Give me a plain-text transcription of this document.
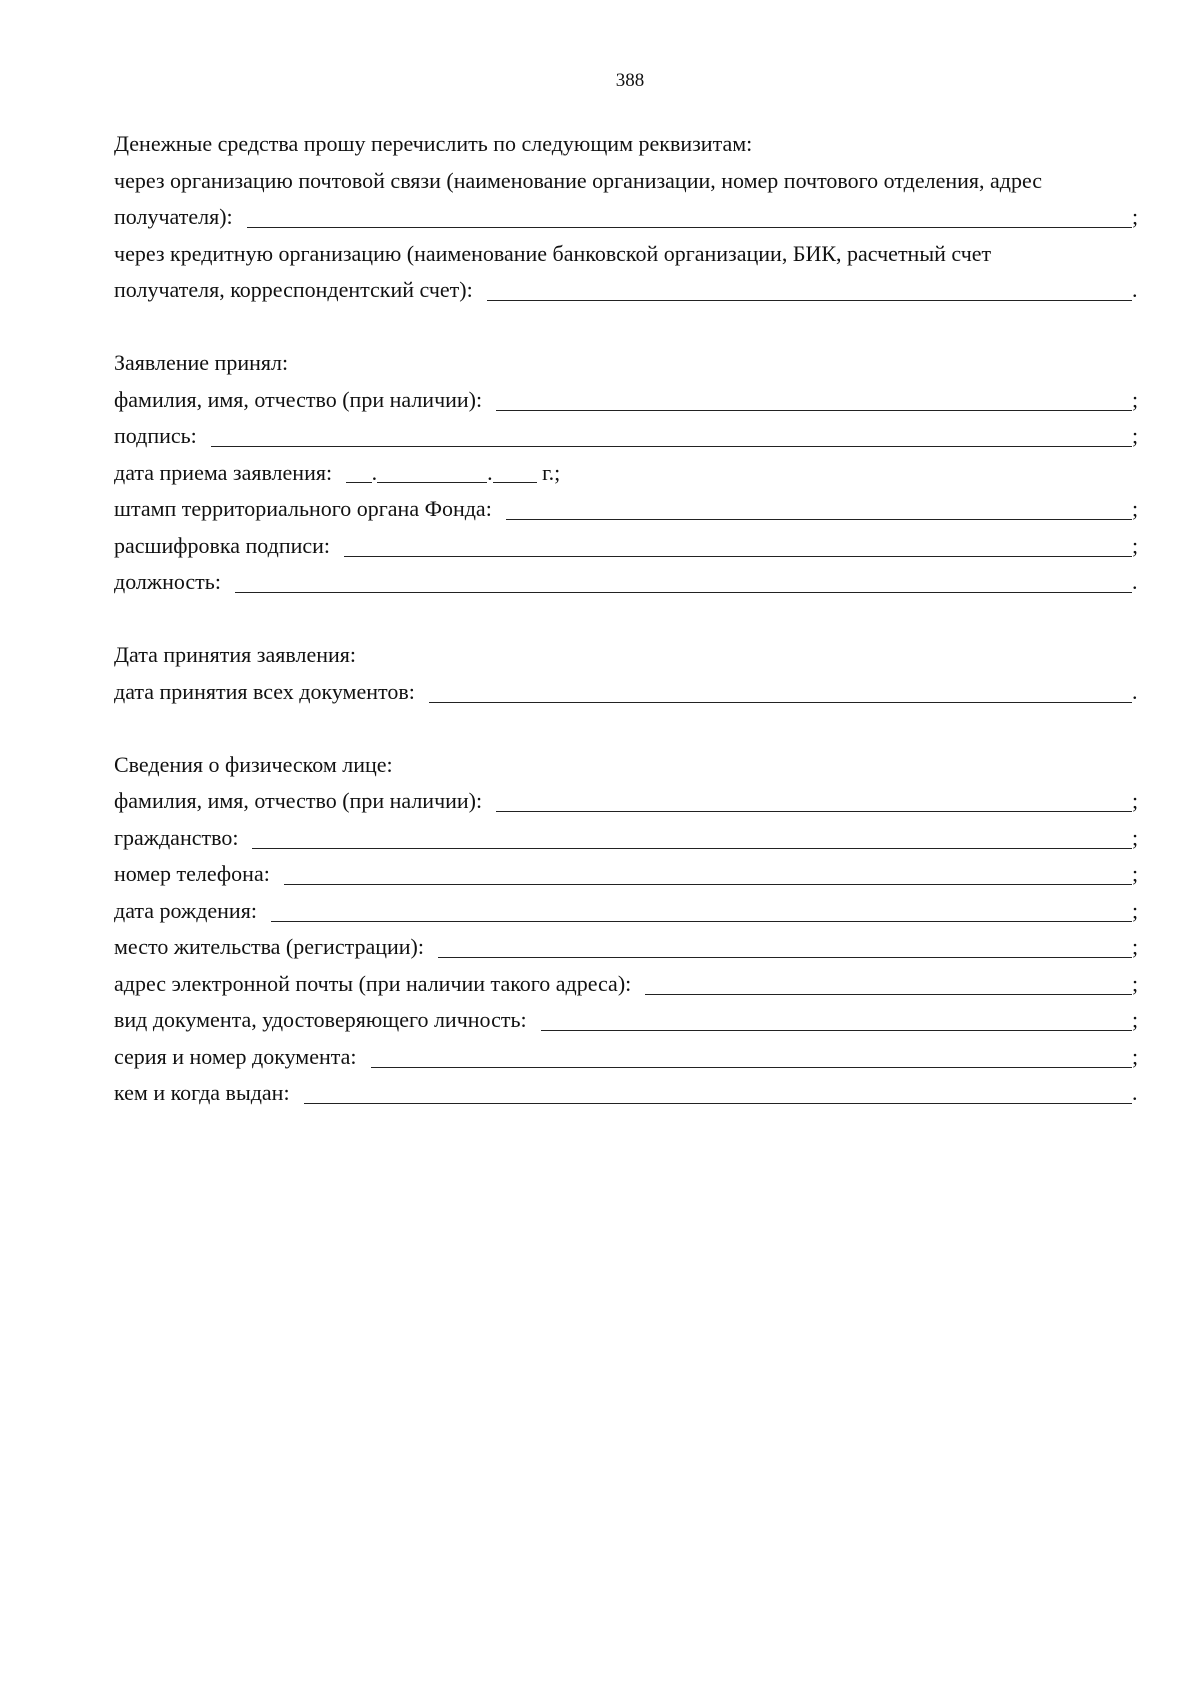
388
Денежные средства прошу перечислить по следующим реквизитам:
через организацию почтовой связи (наименование организации, номер почтового отделения, адрес
получателя):	;
через кредитную организацию (наименование банковской организации, БИК, расчетный счет
получателя, корреспондентский счет):	.
Заявление принял:
фамилия, имя, отчество (при наличии):	;
подпись:	;
дата приема заявления: .	. г.;
штамп территориального органа Фонда:	;
расшифровка подписи:	;
должность:	.
Дата принятия заявления:
дата принятия всех документов:	.
Сведения о физическом лице:
фамилия, имя, отчество (при наличии):	;
гражданство:	;
номер телефона:	;
дата рождения:	;
место жительства (регистрации):	;
адрес электронной почты (при наличии такого адреса):	;
вид документа, удостоверяющего личность:	;
серия и номер документа:	;
кем и когда выдан:	.
